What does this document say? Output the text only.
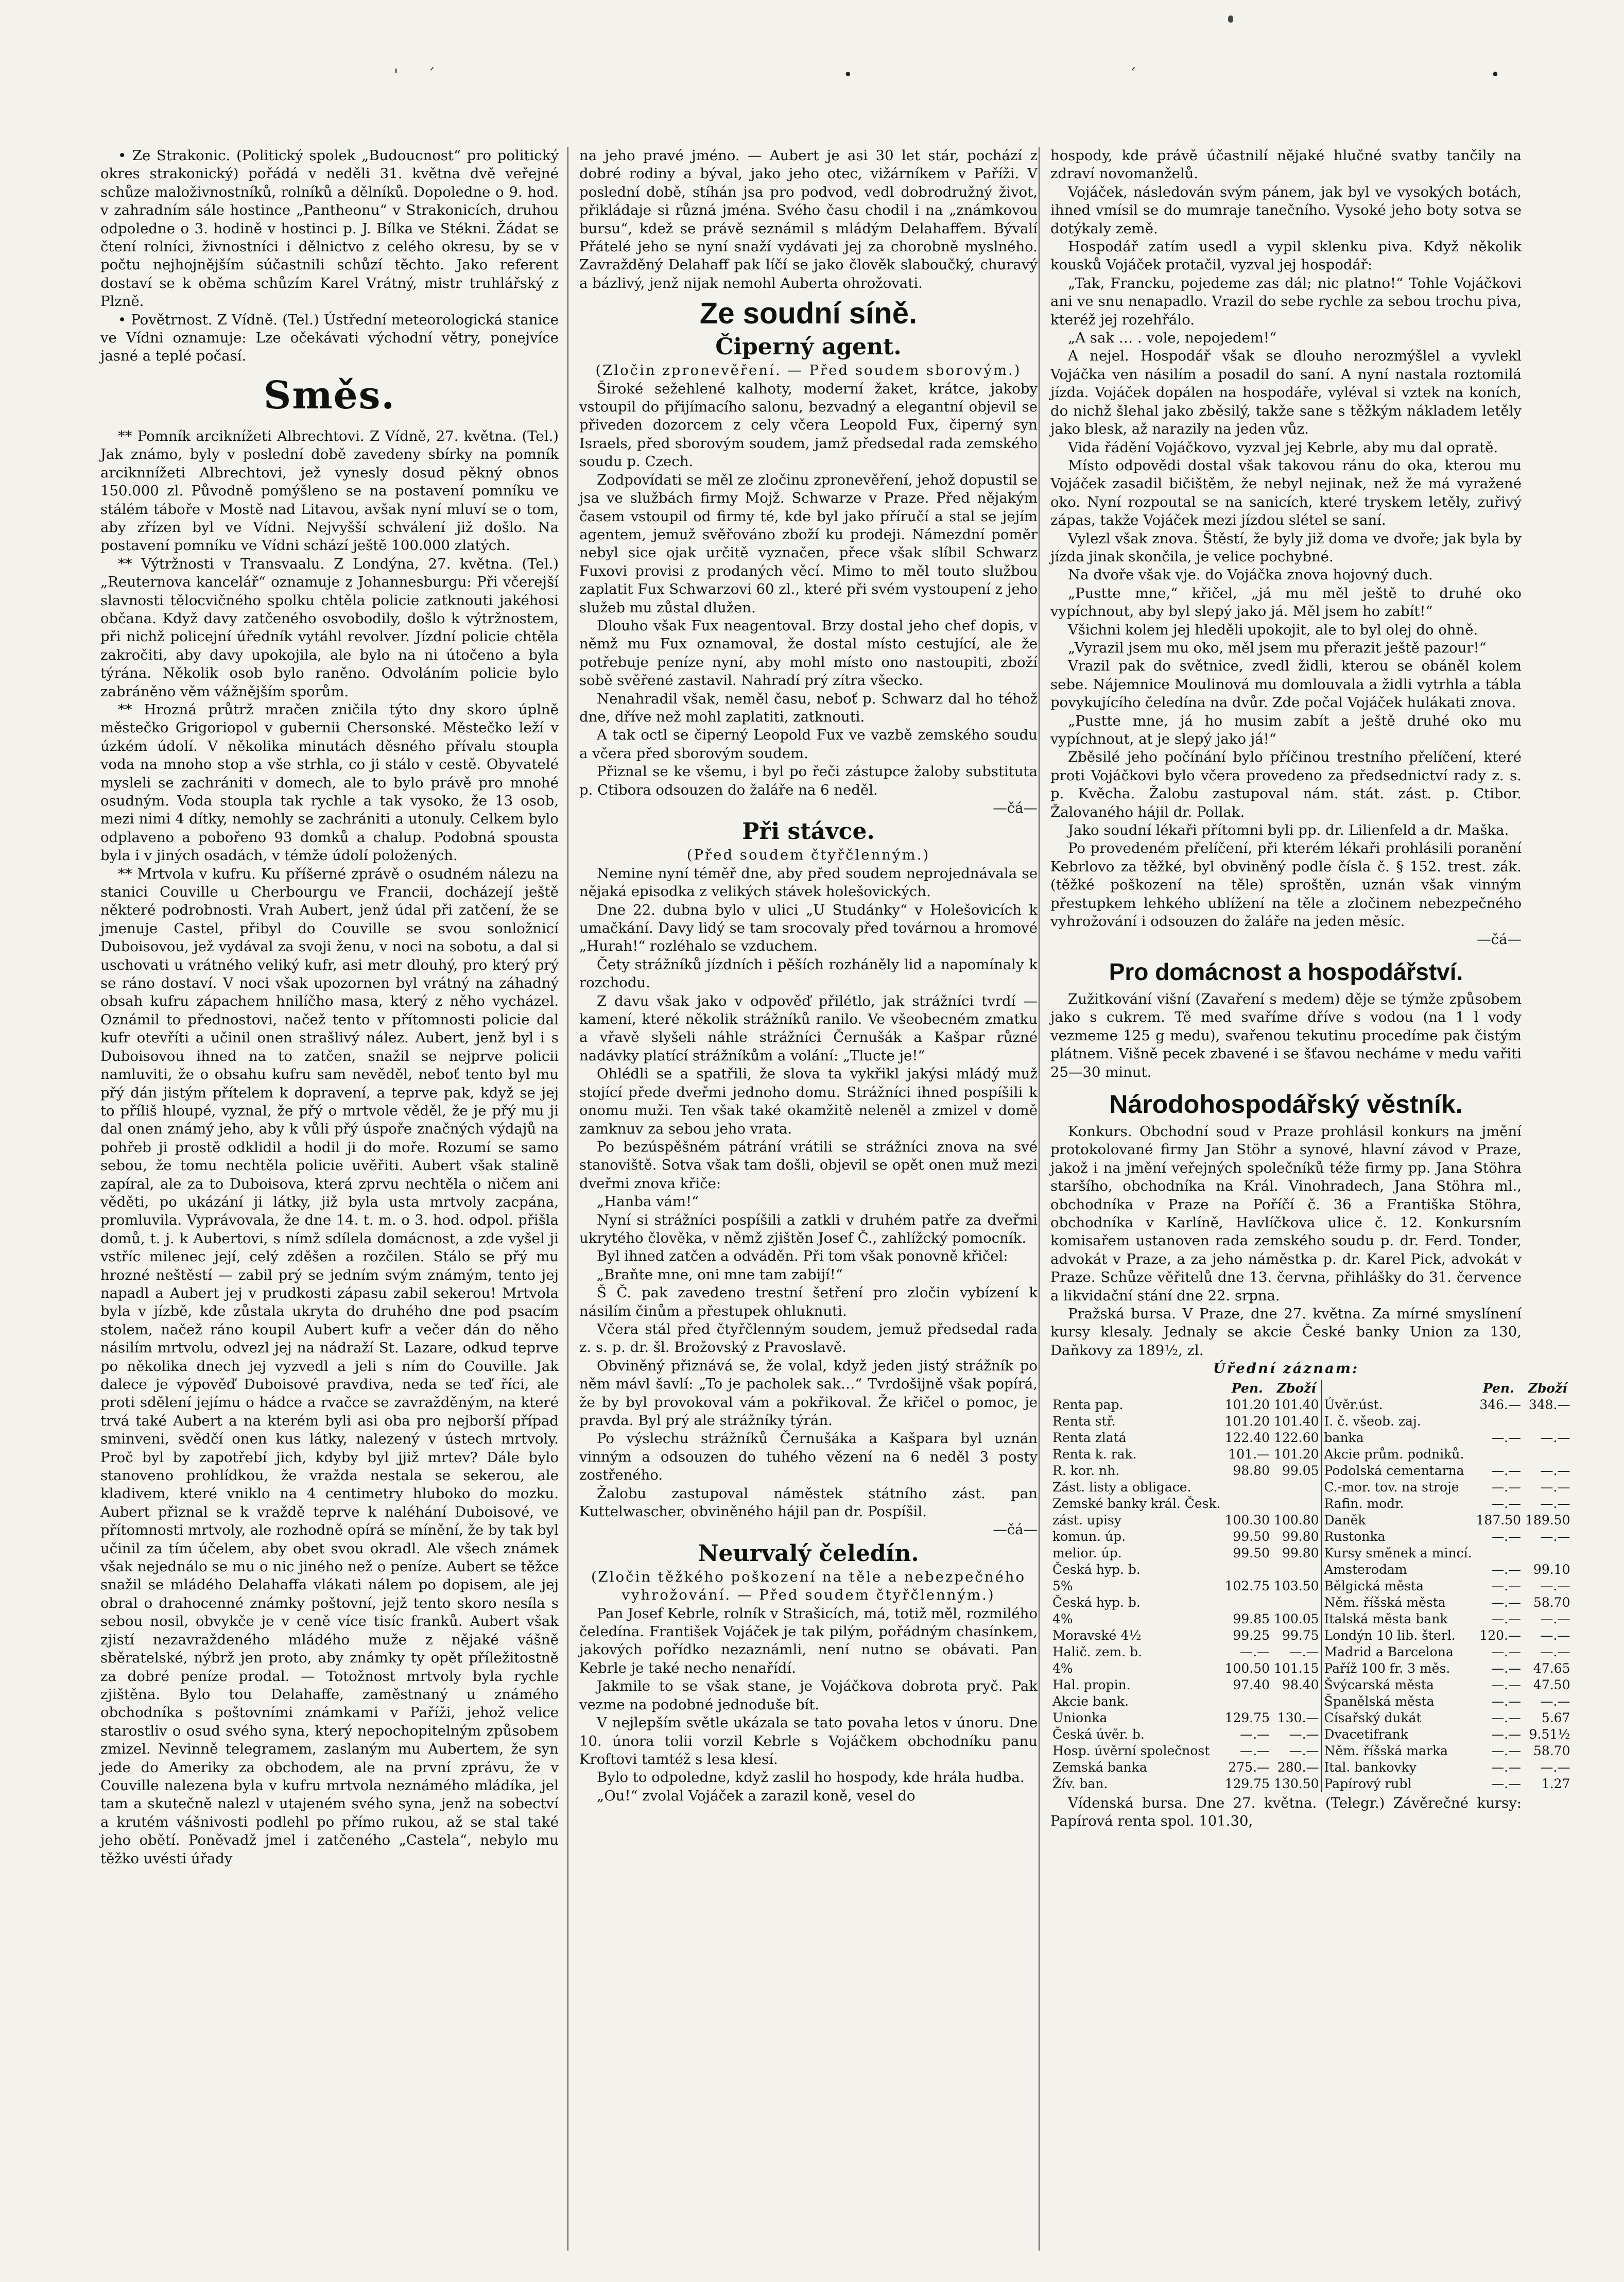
' ´	•	´	•

• Ze Strakonic. (Politický spolek „Budoucnost“ pro politický okres strakonický) pořádá v neděli 31. května dvě veřejné schůze maloživnostníků, rolníků a dělníků. Dopoledne o 9. hod. v zahradním sále hostince „Pantheonu“ v Strakonicích, druhou odpoledne o 3. hodině v hostinci p. J. Bílka ve Stékni. Žádat se čtení rolníci, živnostníci i dělnictvo z celého okresu, by se v počtu nejhojnějším súčastnili schůzí těchto. Jako referent dostaví se k oběma schůzím Karel Vrátný, mistr truhlářský z Plzně.

• Povětrnost. Z Vídně. (Tel.) Ústřední meteorologická stanice ve Vídni oznamuje: Lze očekávati východní větry, ponejvíce jasné a teplé počasí.

Směs.

** Pomník arciknížeti Albrechtovi. Z Vídně, 27. května. (Tel.) Jak známo, byly v poslední době zavedeny sbírky na pomník arciknnížeti Albrechtovi, jež vynesly dosud pěkný obnos 150.000 zl. Původně pomýšleno se na postavení pomníku ve stálém táboře v Mostě nad Litavou, avšak nyní mluví se o tom, aby zřízen byl ve Vídni. Nejvyšší schválení již došlo. Na postavení pomníku ve Vídni schází ještě 100.000 zlatých.

** Výtržnosti v Transvaalu. Z Londýna, 27. května. (Tel.) „Reuternova kancelář“ oznamuje z Johannesburgu: Při včerejší slavnosti tělocvičného spolku chtěla policie zatknouti jakéhosi občana. Když davy zatčeného osvobodily, došlo k výtržnostem, při nichž policejní úředník vytáhl revolver. Jízdní policie chtěla zakročiti, aby davy upokojila, ale bylo na ni útočeno a byla týrána. Několik osob bylo raněno. Odvoláním policie bylo zabráněno věm vážnějším sporům.

** Hrozná průtrž mračen zničila týto dny skoro úplně městečko Grigoriopol v gubernii Chersonské. Městečko leží v úzkém údolí. V několika minutách děsného přívalu stoupla voda na mnoho stop a vše strhla, co ji stálo v cestě. Obyvatelé mysleli se zachrániti v domech, ale to bylo právě pro mnohé osudným. Voda stoupla tak rychle a tak vysoko, že 13 osob, mezi nimi 4 dítky, nemohly se zachrániti a utonuly. Celkem bylo odplaveno a pobořeno 93 domků a chalup. Podobná spousta byla i v jiných osadách, v témže údolí položených.

** Mrtvola v kufru. Ku příšerné zprávě o osudném nálezu na stanici Couville u Cherbourgu ve Francii, docházejí ještě některé podrobnosti. Vrah Aubert, jenž údal při zatčení, že se jmenuje Castel, přibyl do Couville se svou sonložnicí Duboisovou, jež vydával za svoji ženu, v noci na sobotu, a dal si uschovati u vrátného veliký kufr, asi metr dlouhý, pro který prý se ráno dostaví. V noci však upozornen byl vrátný na záhadný obsah kufru zápachem hnilíčho masa, který z něho vycházel. Oznámil to přednostovi, načež tento v přítomnosti policie dal kufr otevříti a učinil onen strašlivý nález. Aubert, jenž byl i s Duboisovou ihned na to zatčen, snažil se nejprve policii namluviti, že o obsahu kufru sam nevěděl, neboť tento byl mu přý dán jistým přítelem k dopravení, a teprve pak, když se jej to příliš hloupé, vyznal, že přý o mrtvole věděl, že je přý mu ji dal onen známý jeho, aby k vůli přý úspoře značných výdajů na pohřeb ji prostě odklidil a hodil ji do moře. Rozumí se samo sebou, že tomu nechtěla policie uvěřiti. Aubert však stalině zapíral, ale za to Duboisova, která zprvu nechtěla o ničem ani věděti, po ukázání ji látky, již byla usta mrtvoly zacpána, promluvila. Vyprávovala, že dne 14. t. m. o 3. hod. odpol. přišla domů, t. j. k Aubertovi, s nímž sdílela domácnost, a zde vyšel ji vstříc milenec její, celý zděšen a rozčilen. Stálo se přý mu hrozné neštěstí — zabil prý se jedním svým známým, tento jej napadl a Aubert jej v prudkosti zápasu zabil sekerou! Mrtvola byla v jízbě, kde zůstala ukryta do druhého dne pod psacím stolem, načež ráno koupil Aubert kufr a večer dán do něho násilím mrtvolu, odvezl jej na nádraží St. Lazare, odkud teprve po několika dnech jej vyzvedl a jeli s ním do Couville. Jak dalece je výpověď Duboisové pravdiva, neda se teď říci, ale proti sdělení jejímu o hádce a rvačce se zavražděným, na které trvá také Aubert a na kterém byli asi oba pro nejborší případ sminveni, svědčí onen kus látky, nalezený v ústech mrtvoly. Proč byl by zapotřebí jich, kdyby byl jjiž mrtev? Dále bylo stanoveno prohlídkou, že vražda nestala se sekerou, ale kladivem, které vniklo na 4 centimetry hluboko do mozku. Aubert přiznal se k vraždě teprve k naléhání Duboisové, ve přítomnosti mrtvoly, ale rozhodně opírá se mínění, že by tak byl učinil za tím účelem, aby obet svou okradl. Ale všech známek však nejednálo se mu o nic jiného než o peníze. Aubert se těžce snažil se mládého Delahaffa vlákati nálem po dopisem, ale jej obral o drahocenné známky poštovní, jejž tento skoro nesíla s sebou nosil, obvykče je v ceně více tisíc franků. Aubert však zjistí nezavraždeného mládého muže z nějaké vášně sběratelské, nýbrž jen proto, aby známky ty opět příležitostně za dobré peníze prodal. — Totožnost mrtvoly byla rychle zjištěna. Bylo tou Delahaffe, zaměstnaný u známého obchodníka s poštovními známkami v Paříži, jehož velice starostliv o osud svého syna, který nepochopitelným způsobem zmizel. Nevinně telegramem, zaslaným mu Aubertem, že syn jede do Ameriky za obchodem, ale na první zprávu, že v Couville nalezena byla v kufru mrtvola neznámého mládíka, jel tam a skutečně nalezl v utajeném svého syna, jenž na sobectví a krutém vášnivosti podlehl po přímo rukou, až se stal také jeho obětí. Poněvadž jmel i zatčeného „Castela“, nebylo mu těžko uvésti úřady

na jeho pravé jméno. — Aubert je asi 30 let stár, pochází z dobré rodiny a býval, jako jeho otec, vižárníkem v Paříži. V poslední době, stíhán jsa pro podvod, vedl dobrodružný život, přikládaje si různá jména. Svého času chodil i na „známkovou bursu“, kdež se právě seznámil s mládým Delahaffem. Bývalí Přátelé jeho se nyní snaží vydávati jej za chorobně myslného. Zavražděný Delahaff pak líčí se jako člověk slaboučký, churavý a bázlivý, jenž nijak nemohl Auberta ohrožovati.

Ze soudní síně.
Čiperný agent.

(Zločin zpronevěření. — Před soudem sborovým.)

Široké sežehlené kalhoty, moderní žaket, krátce, jakoby vstoupil do přijímacího salonu, bezvadný a elegantní objevil se přiveden dozorcem z cely včera Leopold Fux, čiperný syn Israels, před sborovým soudem, jamž předsedal rada zemského soudu p. Czech.

Zodpovídati se měl ze zločinu zpronevěření, jehož dopustil se jsa ve službách firmy Mojž. Schwarze v Praze. Před nějakým časem vstoupil od firmy té, kde byl jako příručí a stal se jejím agentem, jemuž svěřováno zboží ku prodeji. Námezdní poměr nebyl sice ojak určitě vyznačen, přece však slíbil Schwarz Fuxovi provisi z prodaných věcí. Mimo to měl touto službou zaplatit Fux Schwarzovi 60 zl., které při svém vystoupení z jeho služeb mu zůstal dlužen.

Dlouho však Fux neagentoval. Brzy dostal jeho chef dopis, v němž mu Fux oznamoval, že dostal místo cestující, ale že potřebuje peníze nyní, aby mohl místo ono nastoupiti, zboží sobě svěřené zastavil. Nahradí prý zítra všecko.

Nenahradil však, neměl času, neboť p. Schwarz dal ho téhož dne, dříve než mohl zaplatiti, zatknouti.

A tak octl se čiperný Leopold Fux ve vazbě zemského soudu a včera před sborovým soudem.

Přiznal se ke všemu, i byl po řeči zástupce žaloby substituta p. Ctibora odsouzen do žaláře na 6 neděl.

—čá—

Při stávce.

(Před soudem čtyřčlenným.)

Nemine nyní téměř dne, aby před soudem neprojednávala se nějaká episodka z velikých stávek holešovických.

Dne 22. dubna bylo v ulici „U Studánky“ v Holešovicích k umačkání. Davy lidý se tam srocovaly před továrnou a hromové „Hurah!“ rozléhalo se vzduchem.

Čety strážníků jízdních i pěších rozháněly lid a napomínaly k rozchodu.

Z davu však jako v odpověď přilétlo, jak strážníci tvrdí — kamení, které několik strážníků ranilo. Ve všeobecném zmatku a vřavě slyšeli náhle strážníci Černušák a Kašpar různé nadávky platící strážníkům a volání: „Tlucte je!“

Ohlédli se a spatřili, že slova ta vykřikl jakýsi mládý muž stojící přede dveřmi jednoho domu. Strážníci ihned pospíšili k onomu muži. Ten však také okamžitě neleněl a zmizel v domě zamknuv za sebou jeho vrata.

Po bezúspěšném pátrání vrátili se strážníci znova na své stanoviště. Sotva však tam došli, objevil se opět onen muž mezi dveřmi znova křiče:

„Hanba vám!“

Nyní si strážníci pospíšili a zatkli v druhém patře za dveřmi ukrytého člověka, v němž zjištěn Josef Č., zahlížcký pomocník.

Byl ihned zatčen a odváděn. Při tom však ponovně křičel:

„Braňte mne, oni mne tam zabijí!“

Š Č. pak zavedeno trestní šetření pro zločin vybízení k násilím činům a přestupek ohluknuti.

Včera stál před čtyřčlenným soudem, jemuž předsedal rada z. s. p. dr. šl. Brožovský z Pravoslavě.

Obviněný přiznává se, že volal, když jeden jistý strážník po něm mávl šavlí: „To je pacholek sak…“ Tvrdošijně však popírá, že by byl provokoval vám a pokřikoval. Že křičel o pomoc, je pravda. Byl prý ale strážníky týrán.

Po výslechu strážníků Černušáka a Kašpara byl uznán vinným a odsouzen do tuhého vězení na 6 neděl 3 posty zostřeného.

Žalobu zastupoval náměstek státního zást. pan Kuttelwascher, obviněného hájil pan dr. Pospíšil.

—čá—

Neurvalý čeledín.

(Zločin těžkého poškození na těle a nebezpečného vyhrožování. — Před soudem čtyřčlenným.)

Pan Josef Kebrle, rolník v Strašicích, má, totiž měl, rozmilého čeledína. František Vojáček je tak pilým, pořádným chasínkem, jakových pořídko nezaznámli, není nutno se obávati. Pan Kebrle je také necho nenařídí.

Jakmile to se však stane, je Vojáčkova dobrota pryč. Pak vezme na podobné jednoduše bít.

V nejlepším světle ukázala se tato povaha letos v únoru. Dne 10. února tolii vorzil Kebrle s Vojáčkem obchodníku panu Kroftovi tamtéž s lesa klesí.

Bylo to odpoledne, když zaslil ho hospody, kde hrála hudba.

„Ou!“ zvolal Vojáček a zarazil koně, vesel do

hospody, kde právě účastnilí nějaké hlučné svatby tančily na zdraví novomanželů.

Vojáček, následován svým pánem, jak byl ve vysokých botách, ihned vmísil se do mumraje tanečního. Vysoké jeho boty sotva se dotýkaly země.

Hospodář zatím usedl a vypil sklenku piva. Když několik kousků Vojáček protačil, vyzval jej hospodář:

„Tak, Francku, pojedeme zas dál; nic platno!“ Tohle Vojáčkovi ani ve snu nenapadlo. Vrazil do sebe rychle za sebou trochu piva, kteréž jej rozehřálo.

„A sak … . vole, nepojedem!“

A nejel. Hospodář však se dlouho nerozmýšlel a vyvlekl Vojáčka ven násilím a posadil do saní. A nyní nastala roztomilá jízda. Vojáček dopálen na hospodáře, vyléval si vztek na koních, do nichž šlehal jako zběsilý, takže sane s těžkým nákladem letěly jako blesk, až narazily na jeden vůz.

Vida řádění Vojáčkovo, vyzval jej Kebrle, aby mu dal opratě.

Místo odpovědi dostal však takovou ránu do oka, kterou mu Vojáček zasadil bičištěm, že nebyl nejinak, než že má vyražené oko. Nyní rozpoutal se na sanicích, které tryskem letěly, zuřivý zápas, takže Vojáček mezi jízdou slétel se saní.

Vylezl však znova. Štěstí, že byly již doma ve dvoře; jak byla by jízda jinak skončila, je velice pochybné.

Na dvoře však vje. do Vojáčka znova hojovný duch.

„Pustte mne,“ křičel, „já mu měl ještě to druhé oko vypíchnout, aby byl slepý jako já. Měl jsem ho zabít!“

Všichni kolem jej hleděli upokojit, ale to byl olej do ohně.

„Vyrazil jsem mu oko, měl jsem mu přerazit ještě pazour!“

Vrazil pak do světnice, zvedl židli, kterou se obáněl kolem sebe. Nájemnice Moulinová mu domlouvala a židli vytrhla a tábla povykujícího čeledína na dvůr. Zde počal Vojáček hulákati znova.

„Pustte mne, já ho musim zabít a ještě druhé oko mu vypíchnout, at je slepý jako já!“

Zběsilé jeho počínání bylo příčinou trestního přelíčení, které proti Vojáčkovi bylo včera provedeno za předsednictví rady z. s. p. Kvěcha. Žalobu zastupoval nám. stát. zást. p. Ctibor. Žalovaného hájil dr. Pollak.

Jako soudní lékaři přítomni byli pp. dr. Lilienfeld a dr. Maška.

Po provedeném přelíčení, při kterém lékaři prohlásili poranění Kebrlovo za těžké, byl obviněný podle čísla č. § 152. trest. zák. (těžké poškození na těle) sproštěn, uznán však vinným přestupkem lehkého ublížení na těle a zločinem nebezpečného vyhrožování i odsouzen do žaláře na jeden měsíc.

—čá—

Pro domácnost a hospodářství.

Zužitkování višní (Zavaření s medem) děje se týmže způsobem jako s cukrem. Tě med svaříme dříve s vodou (na 1 l vody vezmeme 125 g medu), svařenou tekutinu procedíme pak čistým plátnem. Višně pecek zbavené i se šťavou necháme v medu vařiti 25—30 minut.

Národohospodářský věstník.

Konkurs. Obchodní soud v Praze prohlásil konkurs na jmění protokolované firmy Jan Stöhr a synové, hlavní závod v Praze, jakož i na jmění veřejných společníků téže firmy pp. Jana Stöhra staršího, obchodníka na Král. Vinohradech, Jana Stöhra ml., obchodníka v Praze na Poříčí č. 36 a Františka Stöhra, obchodníka v Karlíně, Havlíčkova ulice č. 12. Konkursním komisařem ustanoven rada zemského soudu p. dr. Ferd. Tonder, advokát v Praze, a za jeho náměstka p. dr. Karel Pick, advokát v Praze. Schůze věřitelů dne 13. června, přihlášky do 31. července a likvidační stání dne 22. srpna.

Pražská bursa. V Praze, dne 27. května. Za mírné smyslínení kursy klesaly. Jednaly se akcie České banky Union za 130, Daňkovy za 189½, zl.

Úřední záznam:

	Pen.	Zboží		Pen.	Zboží
Renta pap.	101.20	101.40	Úvěr.úst.	346.—	348.—
Renta stř.	101.20	101.40	I. č. všeob. zaj.		
Renta zlatá	122.40	122.60	banka	—.—	—.—
Renta k. rak.	101.—	101.20	Akcie prům. podniků.		
R. kor. nh.	98.80	99.05	Podolská cementarna	—.—	—.—
Zást. listy a obligace.			C.-mor. tov. na stroje	—.—	—.—
Zemské banky král. Česk.			Rafin. modr.	—.—	—.—
zást. upisy	100.30	100.80	Daněk	187.50	189.50
komun. úp.	99.50	99.80	Rustonka	—.—	—.—
melior. úp.	99.50	99.80	Kursy směnek a mincí.		
Česká hyp. b.			Amsterodam	—.—	99.10
5%	102.75	103.50	Bělgická města	—.—	—.—
Česká hyp. b.			Něm. říšská města	—.—	58.70
4%	99.85	100.05	Italská města bank	—.—	—.—
Moravské 4½	99.25	99.75	Londýn 10 lib. šterl.	120.—	—.—
Halič. zem. b.	—.—	—.—	Madrid a Barcelona	—.—	—.—
4%	100.50	101.15	Paříž 100 fr. 3 měs.	—.—	47.65
Hal. propin.	97.40	98.40	Švýcarská města	—.—	47.50
Akcie bank.			Španělská města	—.—	—.—
Unionka	129.75	130.—	Císařský dukát	—.—	5.67
Česká úvěr. b.	—.—	—.—	Dvacetifrank	—.—	9.51½
Hosp. úvěrní společnost	—.—	—.—	Něm. říšská marka	—.—	58.70
Zemská banka	275.—	280.—	Ital. bankovky	—.—	—.—
Žív. ban.	129.75	130.50	Papírový rubl	—.—	1.27

Vídenská bursa. Dne 27. května. (Telegr.) Závěrečné kursy: Papírová renta spol. 101.30,
